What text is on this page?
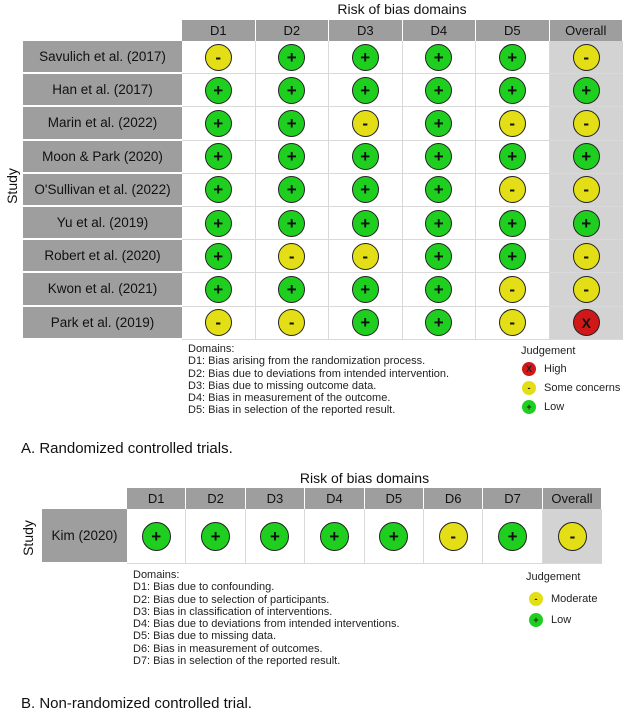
Risk of bias domains
Study
D1	D2	D3	D4	D5	Overall
Savulich et al. (2017)	-	+	+	+	+	-
Han et al. (2017)	+	+	+	+	+	+
Marin et al. (2022)	+	+	-	+	-	-
Moon & Park (2020)	+	+	+	+	+	+
O'Sullivan et al. (2022)	+	+	+	+	-	-
Yu et al. (2019)	+	+	+	+	+	+
Robert et al. (2020)	+	-	-	+	+	-
Kwon et al. (2021)	+	+	+	+	-	-
Park et al. (2019)	-	-	+	+	-	X
Domains:
D1: Bias arising from the randomization process.
D2: Bias due to deviations from intended intervention.
D3: Bias due to missing outcome data.
D4: Bias in measurement of the outcome.
D5: Bias in selection of the reported result.
Judgement
X	High
-	Some concerns
+	Low
A. Randomized controlled trials.
Risk of bias domains
Study
D1	D2	D3	D4	D5	D6	D7	Overall
Kim (2020)	+	+	+	+	+	-	+	-
Domains:
D1: Bias due to confounding.
D2: Bias due to selection of participants.
D3: Bias in classification of interventions.
D4: Bias due to deviations from intended interventions.
D5: Bias due to missing data.
D6: Bias in measurement of outcomes.
D7: Bias in selection of the reported result.
Judgement
-	Moderate
+	Low
B. Non-randomized controlled trial.
